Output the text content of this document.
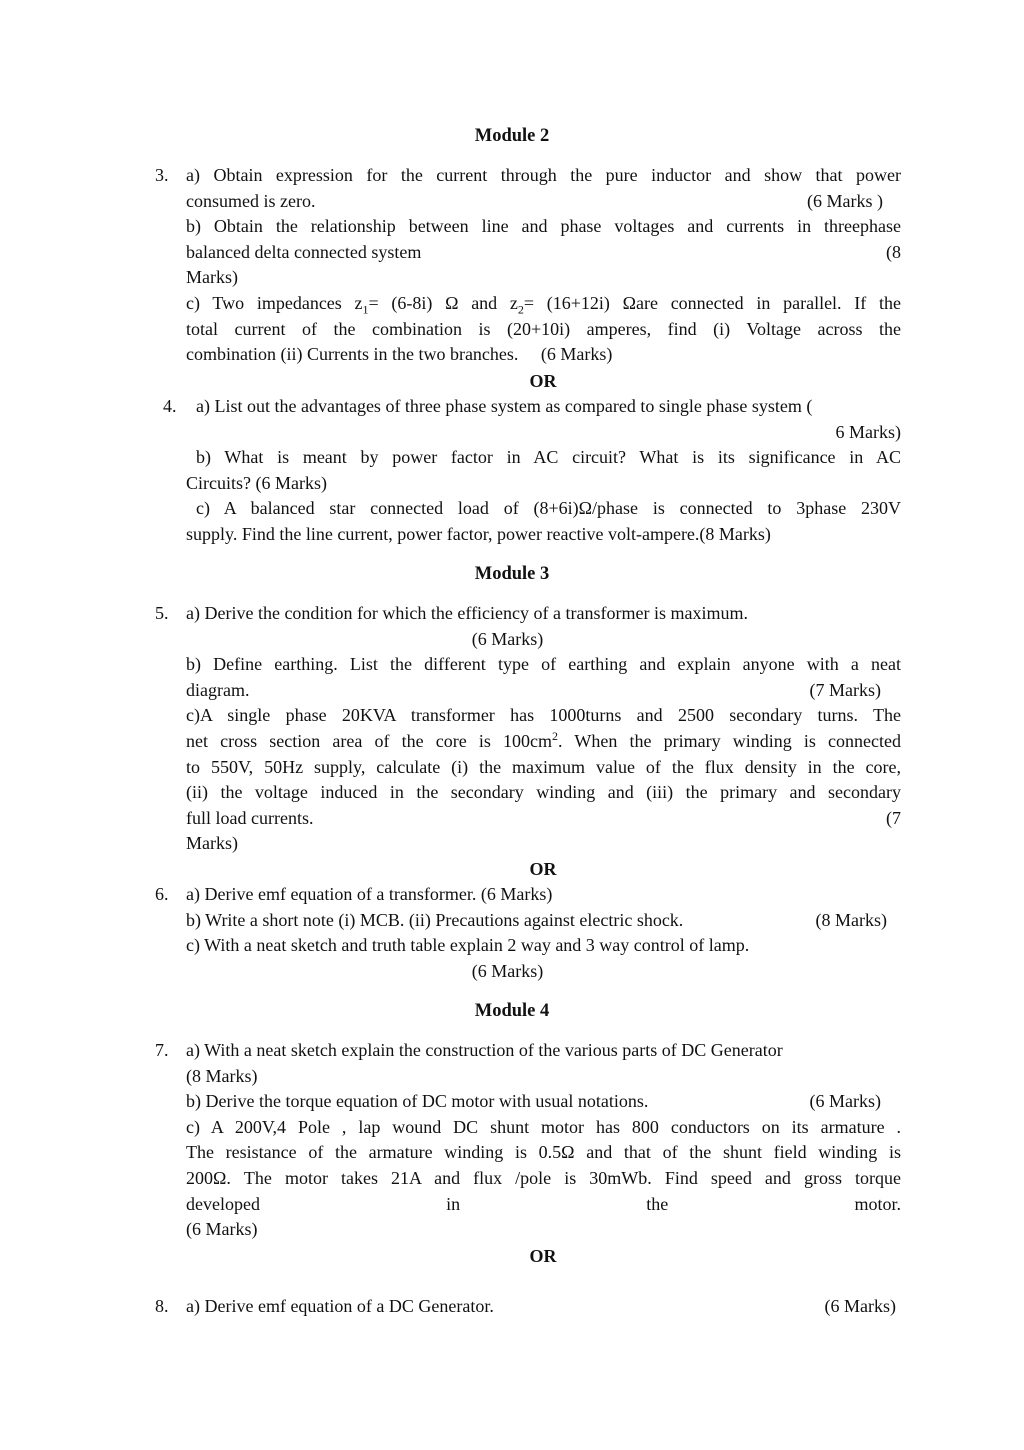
Module 2
3. a) Obtain expression for the current through the pure inductor and show that power

consumed is zero.	(6 Marks )

b) Obtain the relationship between line and phase voltages and currents in threephase

balanced delta connected system	(8

Marks)

c) Two impedances $z_1= (6-8i)$ Ω and $z_2= (16+12i)$ Ωare connected in parallel. If the

total current of the combination is (20+10i) amperes, find (i) Voltage across the

combination (ii) Currents in the two branches.     (6 Marks)

OR
4.	a) List out the advantages of three phase system as compared to single phase system (

6 Marks)

b) What is meant by power factor in AC circuit? What is its significance in AC

Circuits? (6 Marks)

c) A balanced star connected load of (8+6i)Ω/phase is connected to 3phase 230V

supply. Find the line current, power factor, power reactive volt-ampere.(8 Marks)

Module 3
5. a) Derive the condition for which the efficiency of a transformer is maximum.

(6 Marks)

b) Define earthing. List the different type of earthing and explain anyone with a neat

diagram.	(7 Marks)

c)A single phase 20KVA transformer has 1000turns and 2500 secondary turns. The

net cross section area of the core is $100cm^2$. When the primary winding is connected

to 550V, 50Hz supply, calculate (i) the maximum value of the flux density in the core,

(ii) the voltage induced in the secondary winding and (iii) the primary and secondary

full load currents.	(7

Marks)

OR
6. a) Derive emf equation of a transformer. (6 Marks)

b) Write a short note (i) MCB. (ii) Precautions against electric shock.	(8 Marks)

c) With a neat sketch and truth table explain 2 way and 3 way control of lamp.

(6 Marks)

Module 4
7. a) With a neat sketch explain the construction of the various parts of DC Generator

(8 Marks)

b) Derive the torque equation of DC motor with usual notations.	(6 Marks)

c) A 200V,4 Pole , lap wound DC shunt motor has 800 conductors on its armature .

The resistance of the armature winding is 0.5Ω and that of the shunt field winding is

200Ω. The motor takes 21A and flux /pole is 30mWb. Find speed and gross torque

developed	in	the	motor.

(6 Marks)

OR
8. a) Derive emf equation of a DC Generator.	(6 Marks)
